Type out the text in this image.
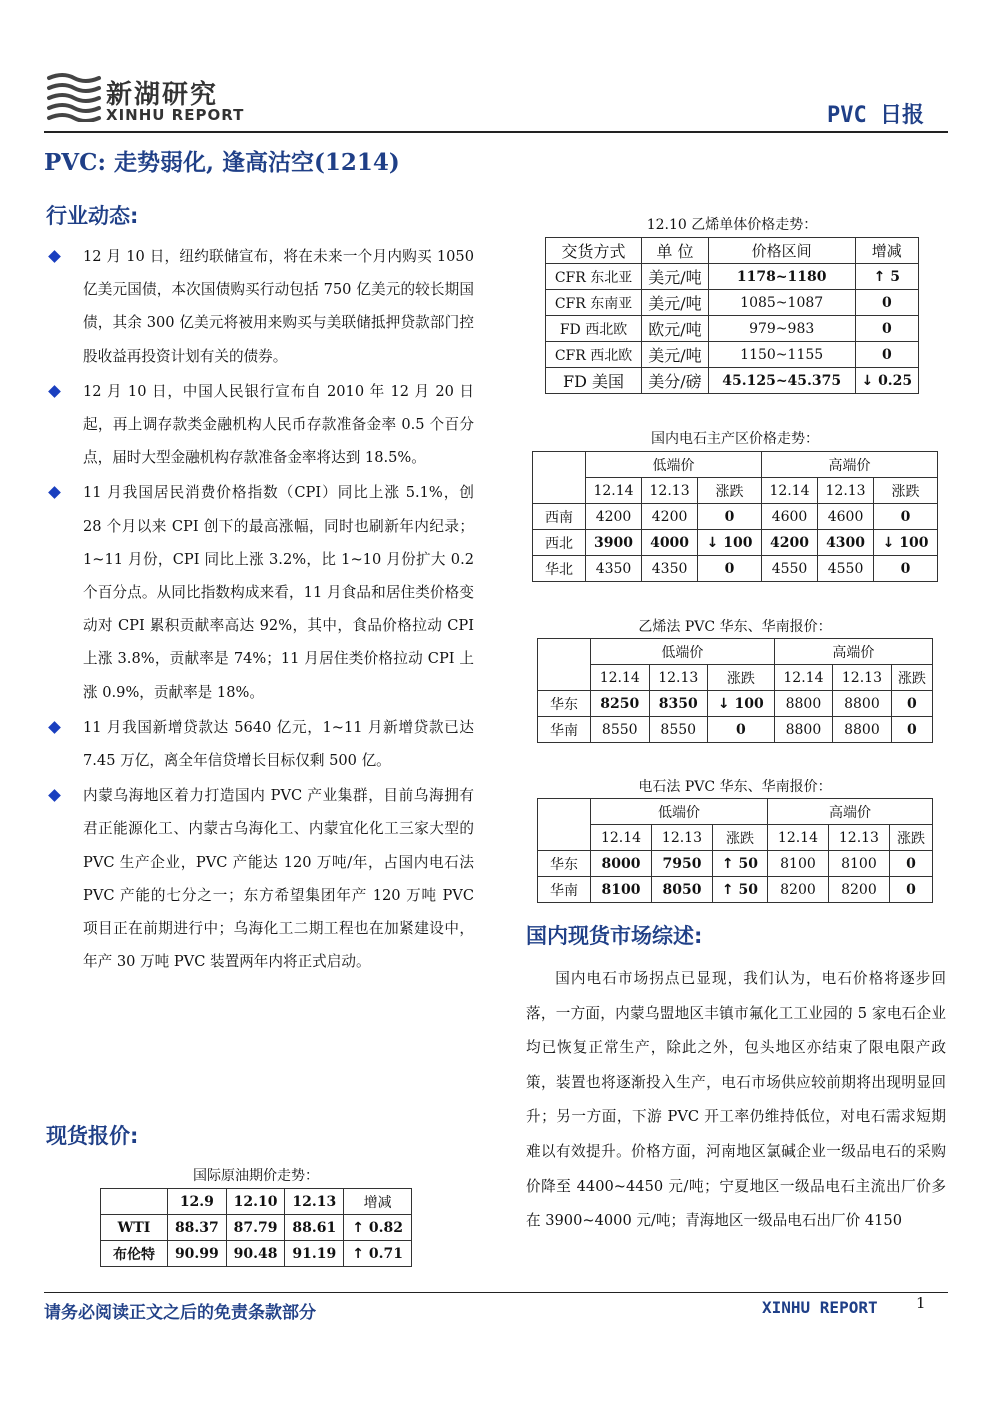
新湖研究
XINHU REPORT	PVC 日报
PVC: 走势弱化, 逢高沽空(1214)
行业动态:
12 月 10 日，纽约联储宣布，将在未来一个月内购买 1050 亿美元国债，本次国债购买行动包括 750 亿美元的较长期国债，其余 300 亿美元将被用来购买与美联储抵押贷款部门控股收益再投资计划有关的债券。
12 月 10 日，中国人民银行宣布自 2010 年 12 月 20 日起，再上调存款类金融机构人民币存款准备金率 0.5 个百分点，届时大型金融机构存款准备金率将达到 18.5%。
11 月我国居民消费价格指数（CPI）同比上涨 5.1%，创 28 个月以来 CPI 创下的最高涨幅，同时也刷新年内纪录；1~11 月份，CPI 同比上涨 3.2%，比 1~10 月份扩大 0.2 个百分点。从同比指数构成来看，11 月食品和居住类价格变动对 CPI 累积贡献率高达 92%，其中，食品价格拉动 CPI 上涨 3.8%，贡献率是 74%；11 月居住类价格拉动 CPI 上涨 0.9%，贡献率是 18%。
11 月我国新增贷款达 5640 亿元，1~11 月新增贷款已达 7.45 万亿，离全年信贷增长目标仅剩 500 亿。
内蒙乌海地区着力打造国内 PVC 产业集群，目前乌海拥有君正能源化工、内蒙古乌海化工、内蒙宜化化工三家大型的 PVC 生产企业，PVC 产能达 120 万吨/年，占国内电石法 PVC 产能的七分之一；东方希望集团年产 120 万吨 PVC 项目正在前期进行中；乌海化工二期工程也在加紧建设中，年产 30 万吨 PVC 装置两年内将正式启动。
现货报价:
国际原油期价走势：
	12.9	12.10	12.13	增减
WTI	88.37	87.79	88.61	↑ 0.82
布伦特	90.99	90.48	91.19	↑ 0.71
12.10 乙烯单体价格走势：
交货方式	单 位	价格区间	增减
CFR 东北亚	美元/吨	1178~1180	↑ 5
CFR 东南亚	美元/吨	1085~1087	0
FD 西北欧	欧元/吨	979~983	0
CFR 西北欧	美元/吨	1150~1155	0
FD 美国	美分/磅	45.125~45.375	↓ 0.25
国内电石主产区价格走势：
	低端价			高端价		
	12.14	12.13	涨跌	12.14	12.13	涨跌
西南	4200	4200	0	4600	4600	0
西北	3900	4000	↓ 100	4200	4300	↓ 100
华北	4350	4350	0	4550	4550	0
乙烯法 PVC 华东、华南报价：
	低端价			高端价		
	12.14	12.13	涨跌	12.14	12.13	涨跌
华东	8250	8350	↓ 100	8800	8800	0
华南	8550	8550	0	8800	8800	0
电石法 PVC 华东、华南报价：
	低端价			高端价		
	12.14	12.13	涨跌	12.14	12.13	涨跌
华东	8000	7950	↑ 50	8100	8100	0
华南	8100	8050	↑ 50	8200	8200	0
国内现货市场综述:

国内电石市场拐点已显现，我们认为，电石价格将逐步回落，一方面，内蒙乌盟地区丰镇市氟化工工业园的 5 家电石企业均已恢复正常生产，除此之外，包头地区亦结束了限电限产政策，装置也将逐渐投入生产，电石市场供应较前期将出现明显回升；另一方面，下游 PVC 开工率仍维持低位，对电石需求短期难以有效提升。价格方面，河南地区氯碱企业一级品电石的采购价降至 4400~4450 元/吨；宁夏地区一级品电石主流出厂价多在 3900~4000 元/吨；青海地区一级品电石出厂价 4150

请务必阅读正文之后的免责条款部分	XINHU REPORT	1
